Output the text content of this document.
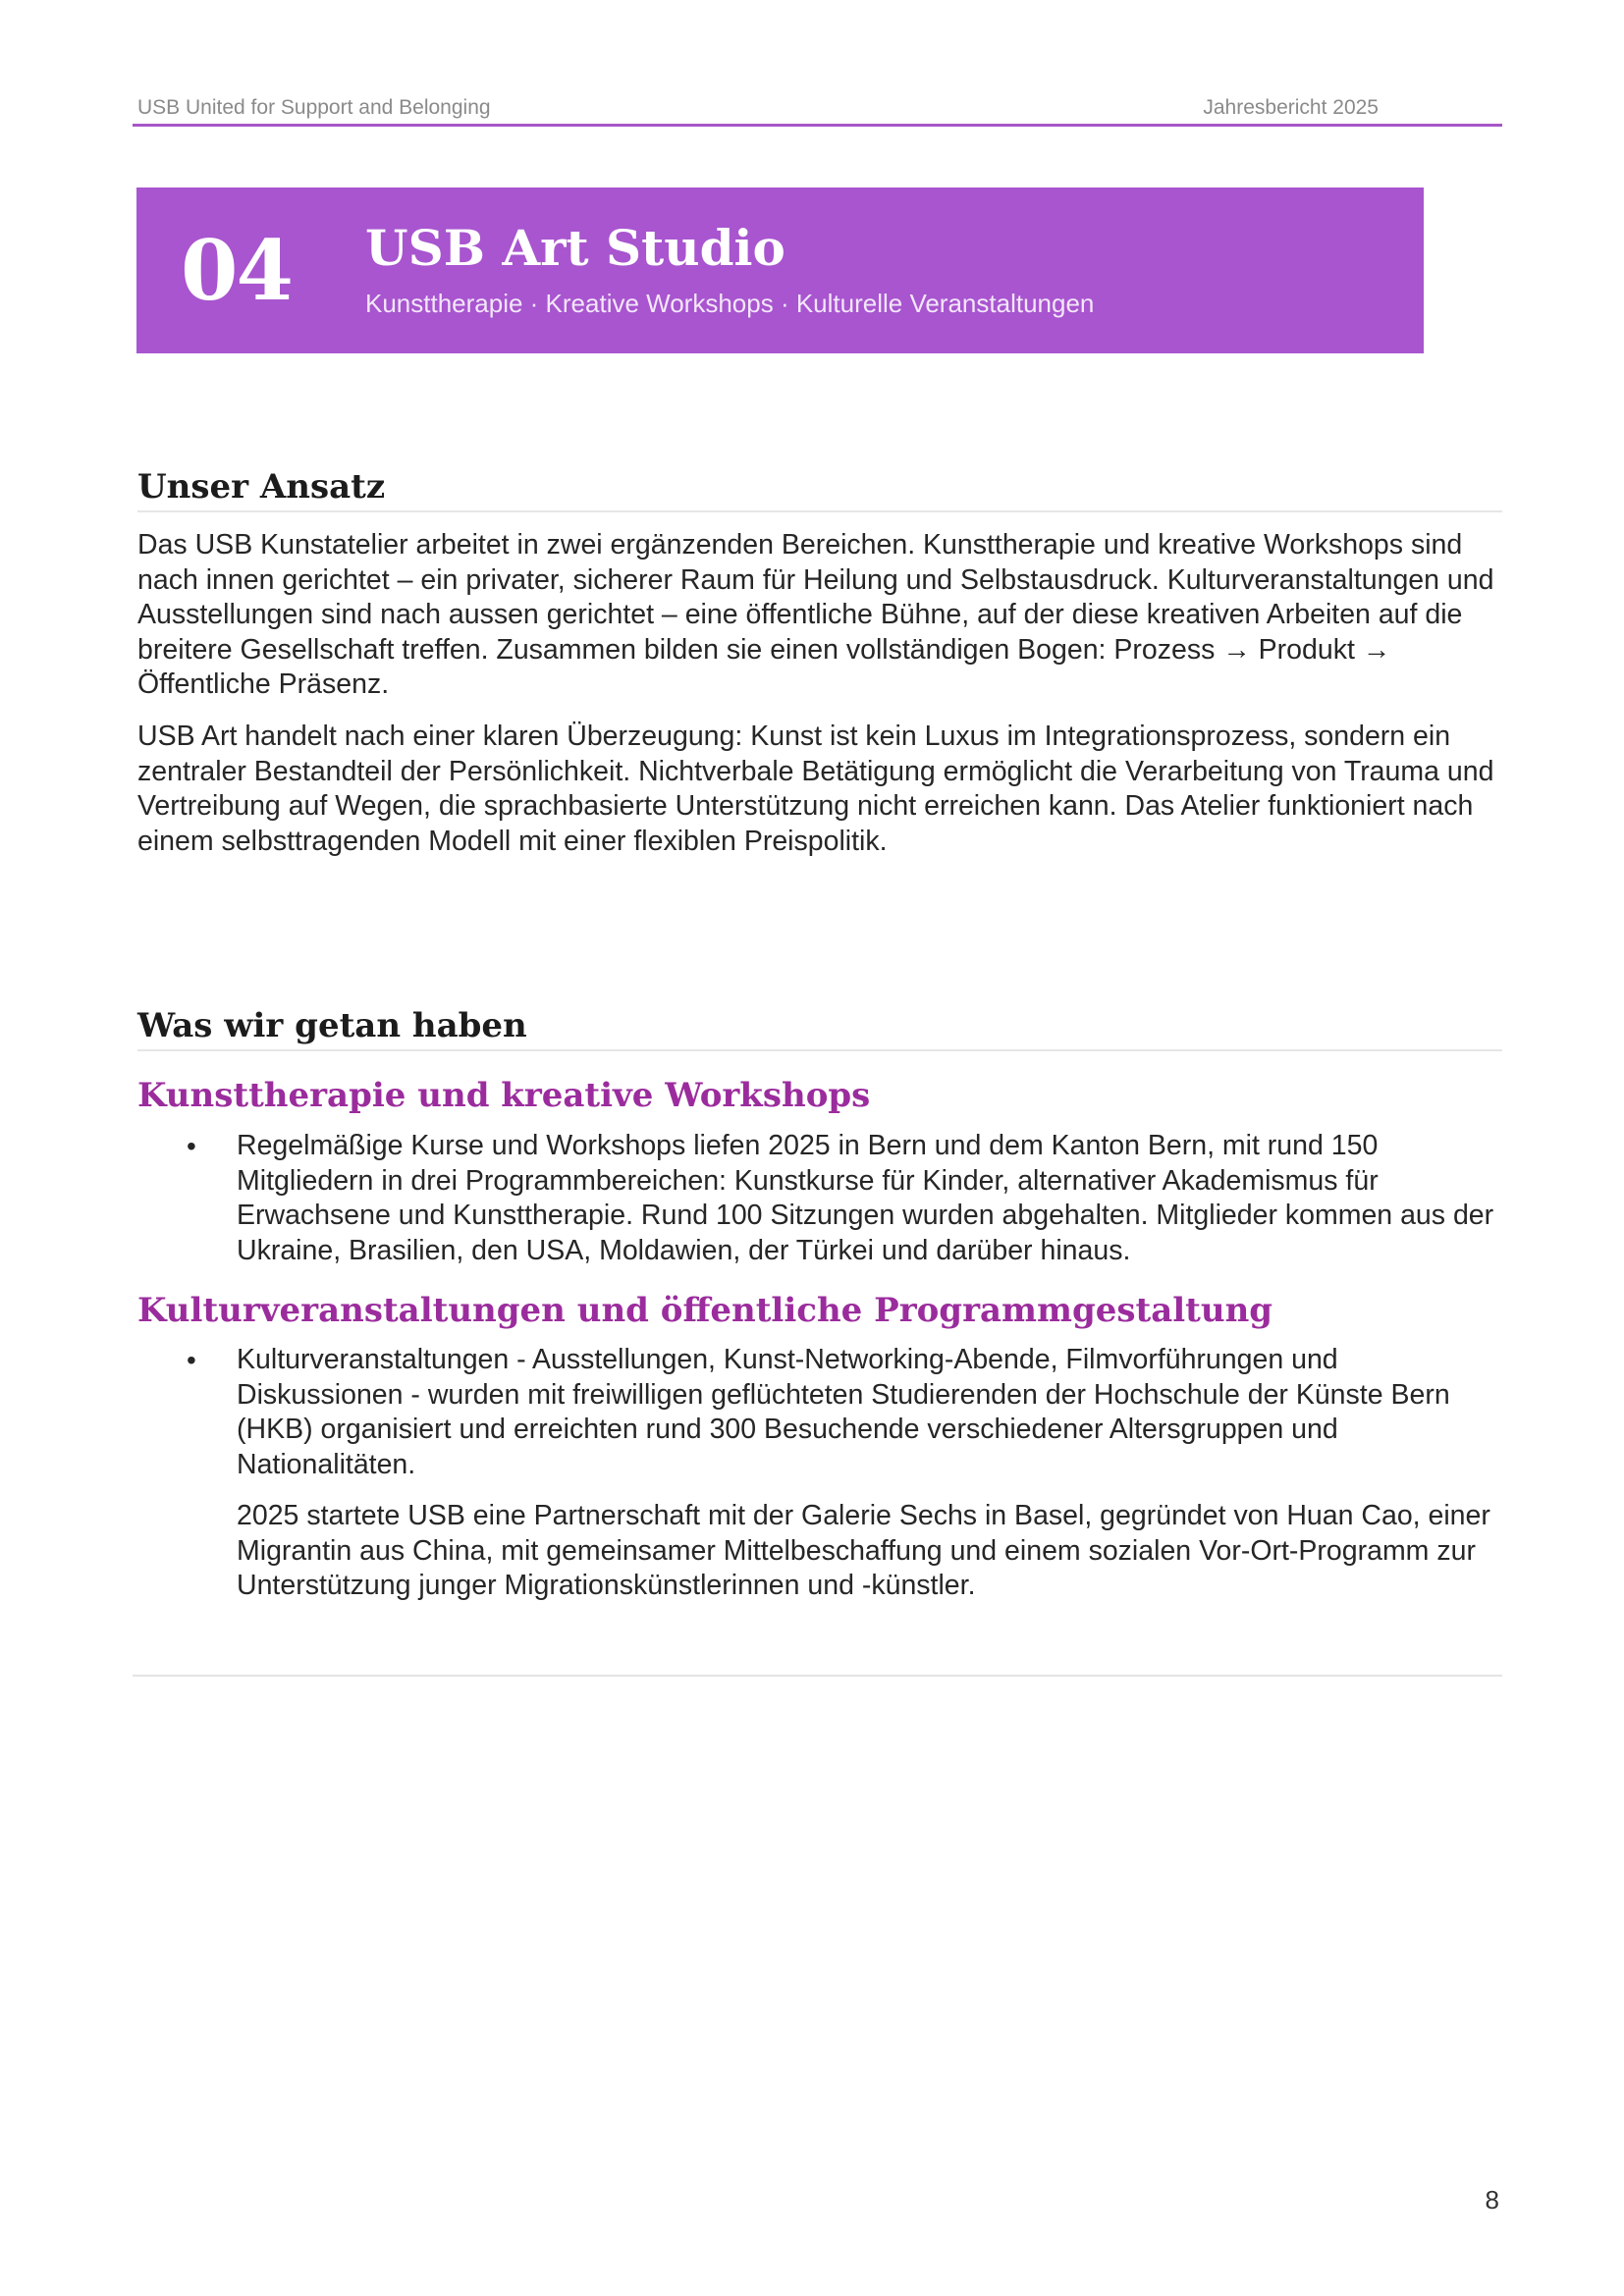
USB United for Support and Belonging	Jahresbericht 2025
04 USB Art Studio
Kunsttherapie · Kreative Workshops · Kulturelle Veranstaltungen
Unser Ansatz

Das USB Kunstatelier arbeitet in zwei ergänzenden Bereichen. Kunsttherapie und kreative Workshops sind nach innen gerichtet – ein privater, sicherer Raum für Heilung und Selbstausdruck. Kulturveranstaltungen und Ausstellungen sind nach aussen gerichtet – eine öffentliche Bühne, auf der diese kreativen Arbeiten auf die breitere Gesellschaft treffen. Zusammen bilden sie einen vollständigen Bogen: Prozess → Produkt → Öffentliche Präsenz.

USB Art handelt nach einer klaren Überzeugung: Kunst ist kein Luxus im Integrationsprozess, sondern ein zentraler Bestandteil der Persönlichkeit. Nichtverbale Betätigung ermöglicht die Verarbeitung von Trauma und Vertreibung auf Wegen, die sprachbasierte Unterstützung nicht erreichen kann. Das Atelier funktioniert nach einem selbsttragenden Modell mit einer flexiblen Preispolitik.

Was wir getan haben
Kunsttherapie und kreative Workshops
• Regelmäßige Kurse und Workshops liefen 2025 in Bern und dem Kanton Bern, mit rund 150 Mitgliedern in drei Programmbereichen: Kunstkurse für Kinder, alternativer Akademismus für Erwachsene und Kunsttherapie. Rund 100 Sitzungen wurden abgehalten. Mitglieder kommen aus der Ukraine, Brasilien, den USA, Moldawien, der Türkei und darüber hinaus.

Kulturveranstaltungen und öffentliche Programmgestaltung
• Kulturveranstaltungen - Ausstellungen, Kunst-Networking-Abende, Filmvorführungen und Diskussionen - wurden mit freiwilligen geflüchteten Studierenden der Hochschule der Künste Bern (HKB) organisiert und erreichten rund 300 Besuchende verschiedener Altersgruppen und Nationalitäten.

2025 startete USB eine Partnerschaft mit der Galerie Sechs in Basel, gegründet von Huan Cao, einer Migrantin aus China, mit gemeinsamer Mittelbeschaffung und einem sozialen Vor-Ort-Programm zur Unterstützung junger Migrationskünstlerinnen und -künstler.

8
